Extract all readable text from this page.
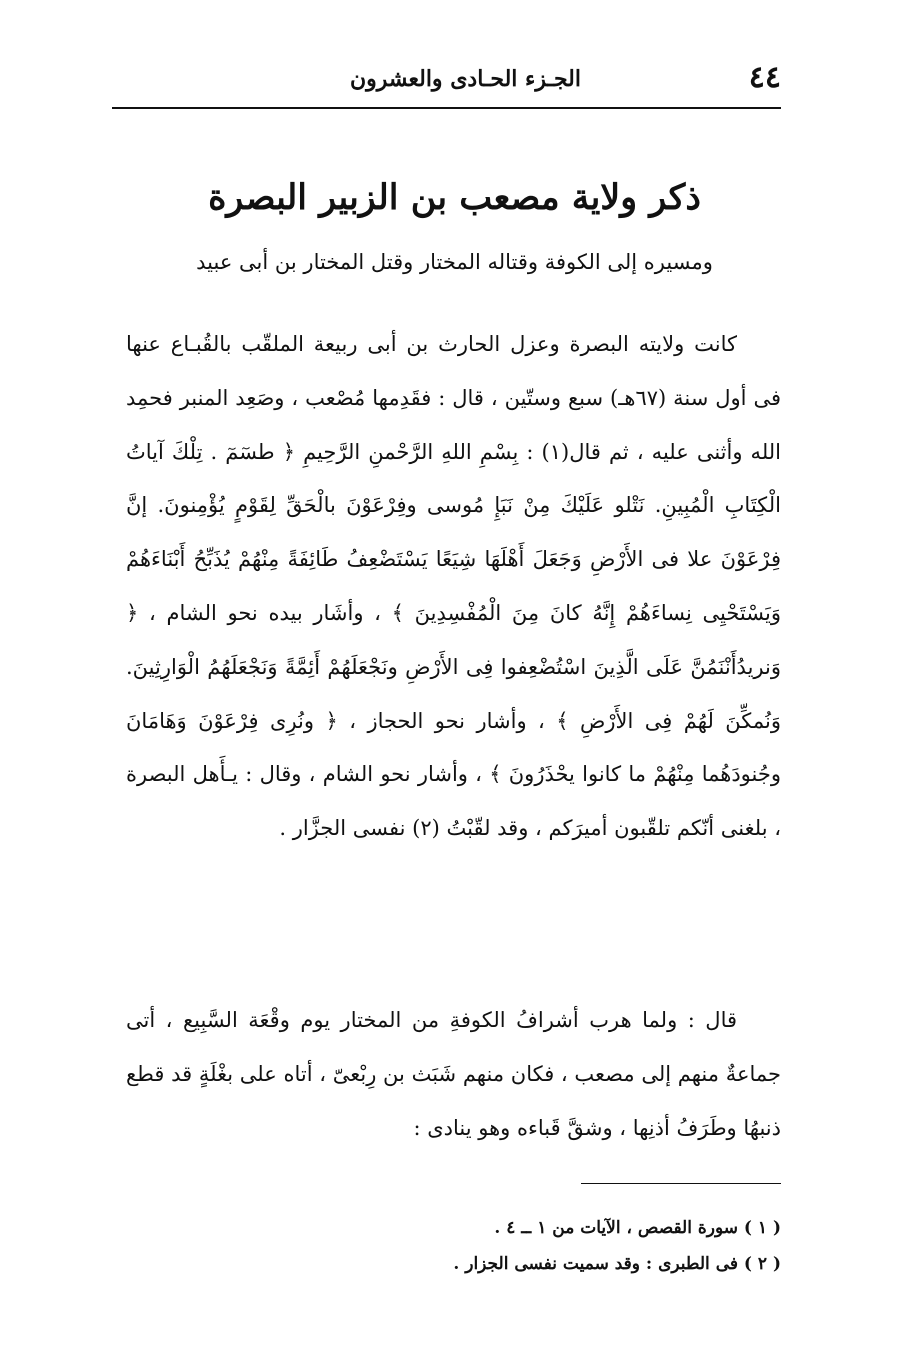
٤٤
الجـزء الحـادى والعشرون
ذكر ولاية مصعب بن الزبير البصرة
ومسيره إلى الكوفة وقتاله المختار وقتل المختار بن أبى عبيد

كانت ولايته البصرة وعزل الحارث بن أبى ربيعة الملقّب بالقُبـاع عنها فى أول سنة (٦٧هـ) سبع وستّين ، قال : فقَدِمها مُصْعب ، وصَعِد المنبر فحمِد الله وأثنى عليه ، ثم قال(١) : بِسْمِ اللهِ الرَّحْمنِ الرَّحِيمِ ﴿ طسٓمٓ . تِلْكَ آياتُ الْكِتَابِ الْمُبِينِ. نَتْلو عَلَيْكَ مِنْ نَبَإِ مُوسى وفِرْعَوْنَ بالْحَقِّ لِقَوْمٍ يُؤْمِنونَ. إنَّ فِرْعَوْنَ علا فى الأَرْضِ وَجَعَلَ أَهْلَهَا شِيَعًا يَسْتَضْعِفُ طَائِفَةً مِنْهُمْ يُذَبِّحُ أَبْنَاءَهُمْ وَيَسْتَحْيِى نِساءَهُمْ إِنَّهُ كانَ مِنَ الْمُفْسِدِينَ ﴾ ، وأشَار بيده نحو الشام ، ﴿ وَنريدُأَنْنَمُنَّ عَلَى الَّذِينَ اسْتُضْعِفوا فِى الأَرْضِ ونَجْعَلَهُمْ أَئِمَّةً وَنَجْعَلَهُمُ الْوَارِثِينَ. وَنُمكِّنَ لَهُمْ فِى الأَرْضِ ﴾ ، وأشار نحو الحجاز ، ﴿ ونُرِى فِرْعَوْنَ وَهَامَانَ وجُنودَهُما مِنْهُمْ ما كانوا يحْذَرُونَ ﴾ ، وأشار نحو الشام ، وقال : يـأَهل البصرة ، بلغنى أنّكم تلقّبون أميرَكم ، وقد لقّبْتُ (٢) نفسى الجزَّار .

قال : ولما هرب أشرافُ الكوفةِ من المختار يوم وقْعَة السَّبِيع ، أتى جماعةٌ منهم إلى مصعب ، فكان منهم شَبَث بن رِبْعىّ ، أتاه على بغْلَةٍ قد قطع ذنبهُا وطَرَفُ أذنِها ، وشقَّ قَباءه وهو ينادى :

( ١ ) سورة القصص ، الآيات من ١ ــ ٤ .

( ٢ ) فى الطبرى : وقد سميت نفسى الجزار .
